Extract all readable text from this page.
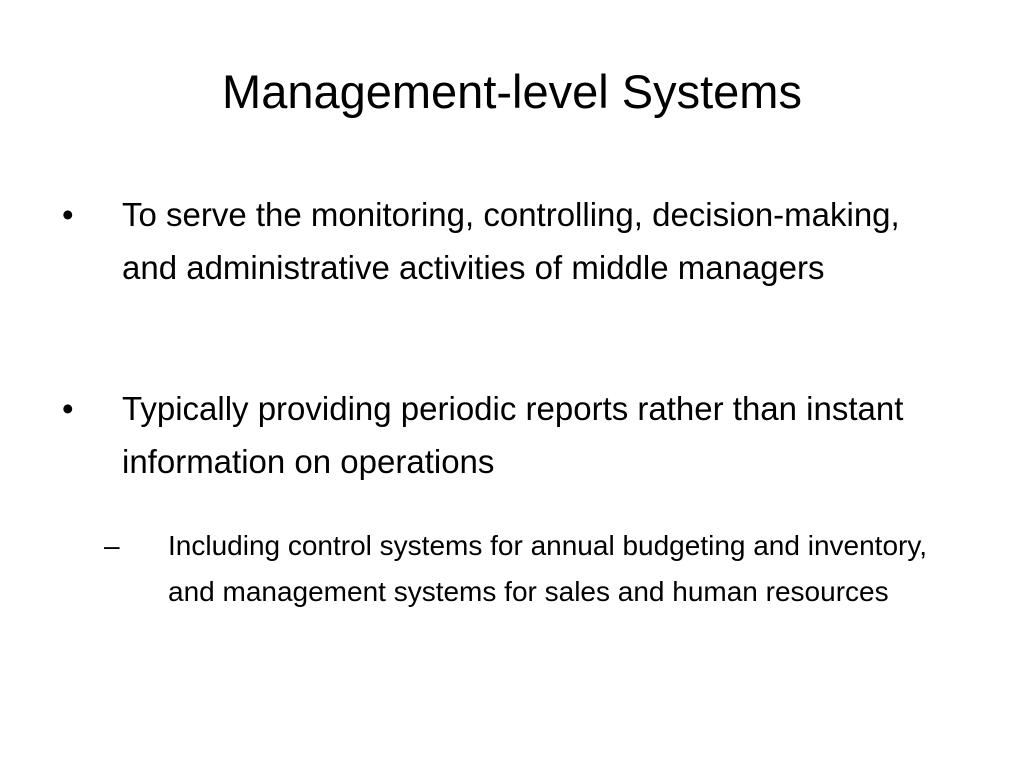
Management-level Systems
•	To serve the monitoring, controlling, decision-making, and administrative activities of middle managers
•	Typically providing periodic reports rather than instant information on operations
–	Including control systems for annual budgeting and inventory, and management systems for sales and human resources
